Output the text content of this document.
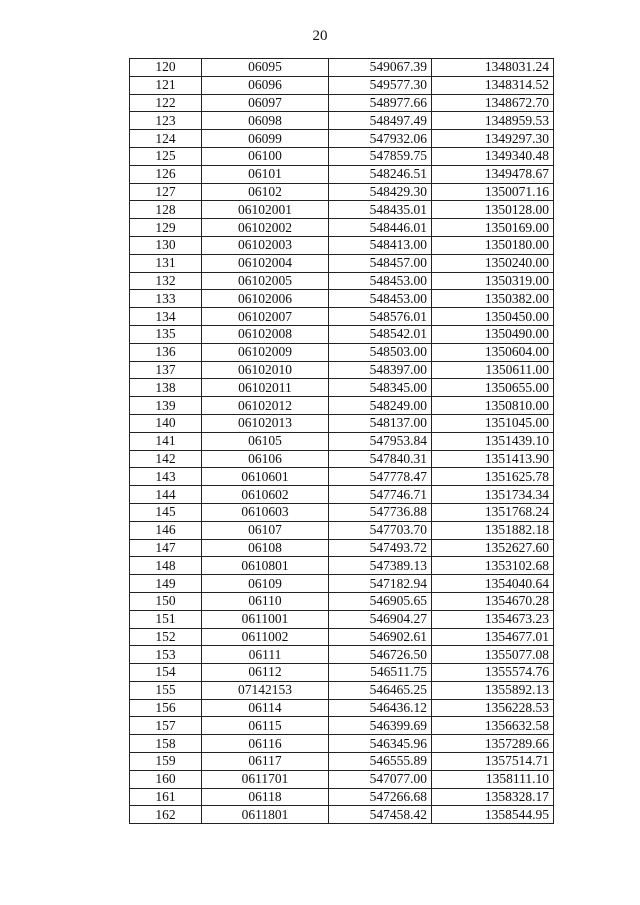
20
120	06095	549067.39	1348031.24
121	06096	549577.30	1348314.52
122	06097	548977.66	1348672.70
123	06098	548497.49	1348959.53
124	06099	547932.06	1349297.30
125	06100	547859.75	1349340.48
126	06101	548246.51	1349478.67
127	06102	548429.30	1350071.16
128	06102001	548435.01	1350128.00
129	06102002	548446.01	1350169.00
130	06102003	548413.00	1350180.00
131	06102004	548457.00	1350240.00
132	06102005	548453.00	1350319.00
133	06102006	548453.00	1350382.00
134	06102007	548576.01	1350450.00
135	06102008	548542.01	1350490.00
136	06102009	548503.00	1350604.00
137	06102010	548397.00	1350611.00
138	06102011	548345.00	1350655.00
139	06102012	548249.00	1350810.00
140	06102013	548137.00	1351045.00
141	06105	547953.84	1351439.10
142	06106	547840.31	1351413.90
143	0610601	547778.47	1351625.78
144	0610602	547746.71	1351734.34
145	0610603	547736.88	1351768.24
146	06107	547703.70	1351882.18
147	06108	547493.72	1352627.60
148	0610801	547389.13	1353102.68
149	06109	547182.94	1354040.64
150	06110	546905.65	1354670.28
151	0611001	546904.27	1354673.23
152	0611002	546902.61	1354677.01
153	06111	546726.50	1355077.08
154	06112	546511.75	1355574.76
155	07142153	546465.25	1355892.13
156	06114	546436.12	1356228.53
157	06115	546399.69	1356632.58
158	06116	546345.96	1357289.66
159	06117	546555.89	1357514.71
160	0611701	547077.00	1358111.10
161	06118	547266.68	1358328.17
162	0611801	547458.42	1358544.95
